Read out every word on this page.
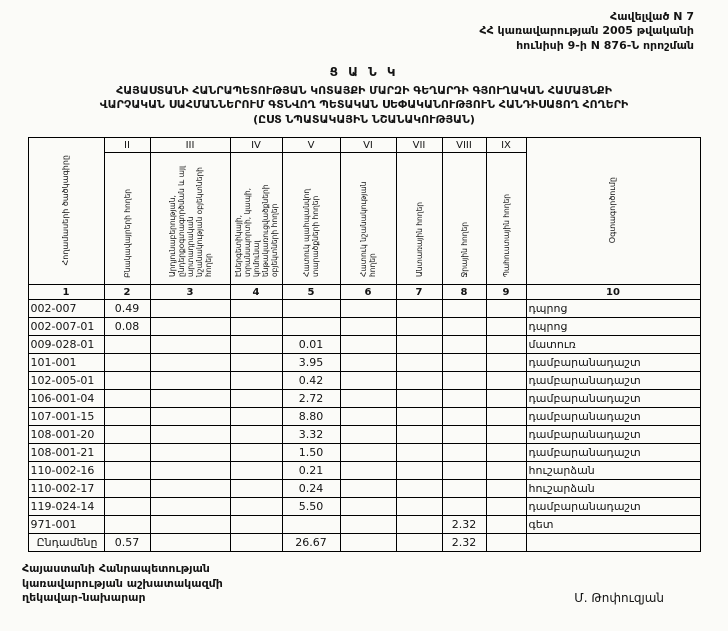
Հավելված N 7
ՀՀ կառավարության 2005 թվականի
հունիսի 9-ի N 876-Ն որոշման
Ց Ա Ն Կ
ՀԱՅԱՍՏԱՆԻ ՀԱՆՐԱՊԵՏՈՒԹՅԱՆ ԿՈՏԱՅՔԻ ՄԱՐԶԻ ԳԵՂԱՐԴԻ ԳՅՈՒՂԱԿԱՆ ՀԱՄԱՅՆՔԻ
ՎԱՐՉԱԿԱՆ ՍԱՀՄԱՆՆԵՐՈՒՄ ԳՏՆՎՈՂ ՊԵՏԱԿԱՆ ՍԵՓԱԿԱՆՈՒԹՅՈՒՆ ՀԱՆԴԻՍԱՑՈՂ ՀՈՂԵՐԻ
(ԸՍՏ ՆՊԱՏԱԿԱՅԻՆ ՆՇԱՆԱԿՈՒԹՅԱՆ)
Հողամասերի ծածկագիրը	II	III	IV	V	VI	VII	VIII	IX	Օգտագործումը
	Բնակավայրերի հողեր	Արդյունաբերության, ընդերքօգտագործման և այլ արտադրական նշանակության օբյեկտների հողեր	Էներգետիկայի, տրանսպորտի, կապի, կոմունալ ենթակառուցվածքների օբյեկտների հողեր	Հատուկ պահպանվող տարածքների հողեր	Հատուկ նշանակության հողեր	Անտառային հողեր	Ջրային հողեր	Պահուստային հողեր	
1	2	3	4	5	6	7	8	9	10
002-007	0.49								դպրոց
002-007-01	0.08								դպրոց
009-028-01				0.01					մատուռ
101-001				3.95					դամբարանադաշտ
102-005-01				0.42					դամբարանադաշտ
106-001-04				2.72					դամբարանադաշտ
107-001-15				8.80					դամբարանադաշտ
108-001-20				3.32					դամբարանադաշտ
108-001-21				1.50					դամբարանադաշտ
110-002-16				0.21					հուշարձան
110-002-17				0.24					հուշարձան
119-024-14				5.50					դամբարանադաշտ
971-001							2.32		գետ
Ընդամենը	0.57			26.67			2.32		
Հայաստանի Հանրապետության
կառավարության աշխատակազմի
ղեկավար-նախարար	Մ. Թոփուզյան
